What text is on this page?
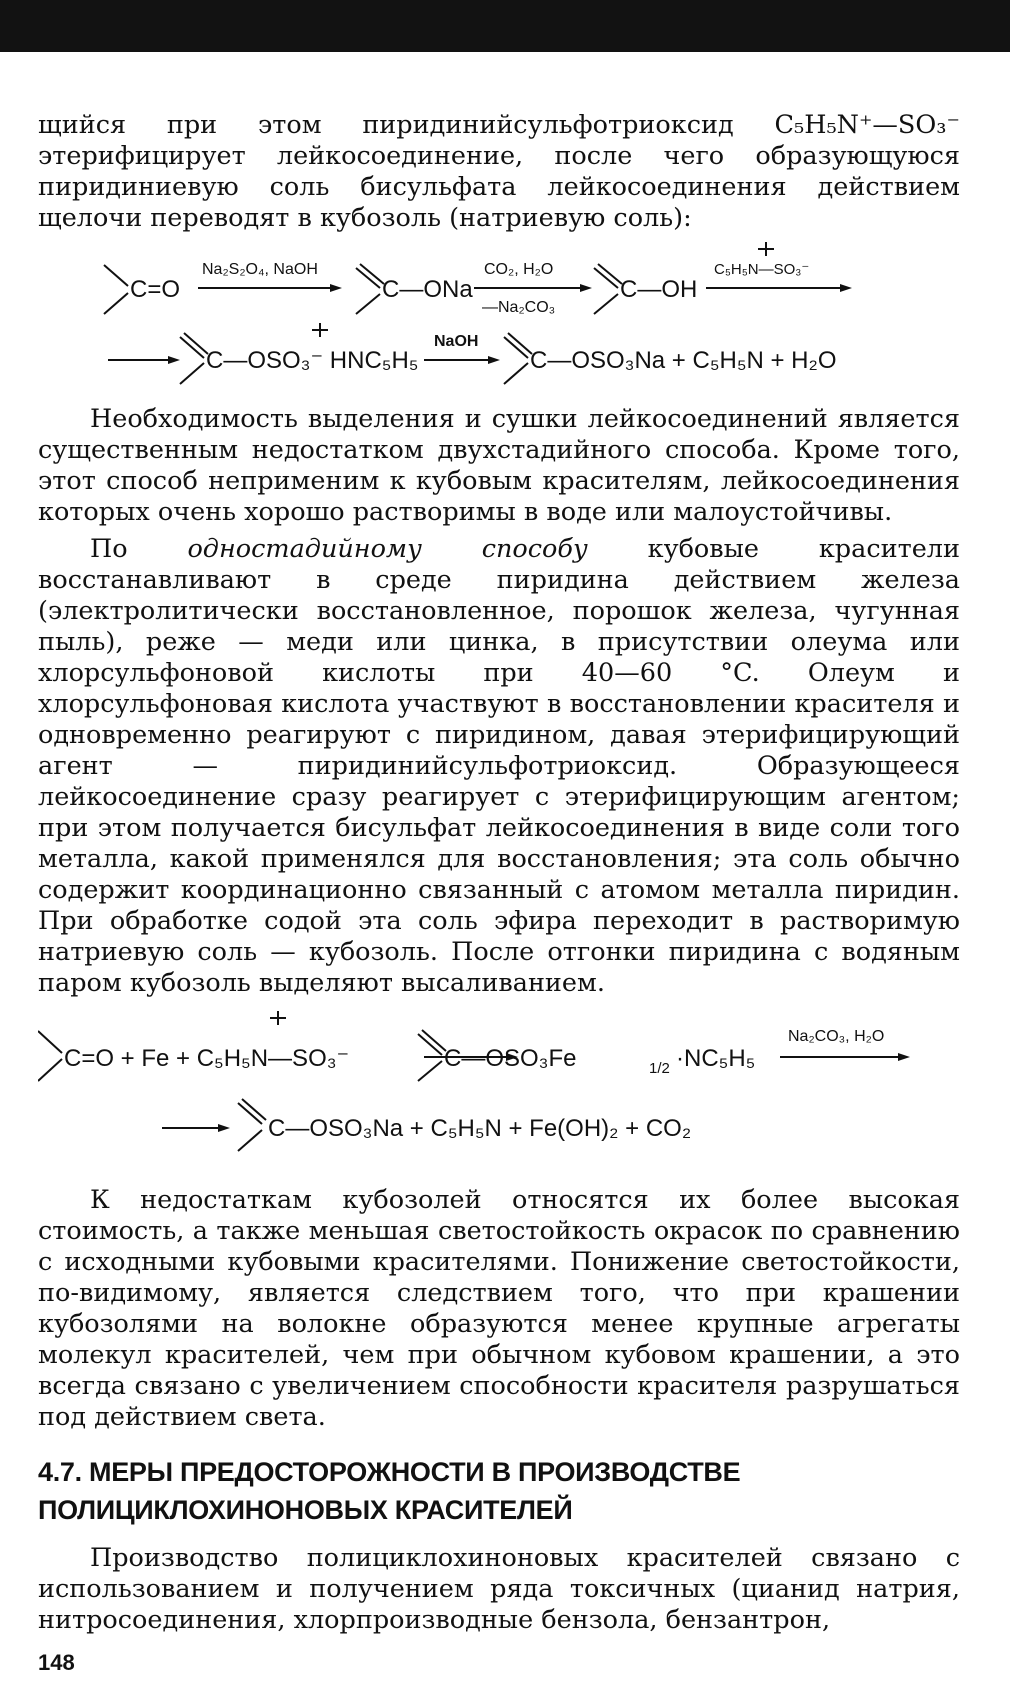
щийся при этом пиридинийсульфотриоксид C₅H₅N⁺—SO₃⁻ этерифицирует лейкосоединение, после чего образующуюся пиридиниевую соль бисульфата лейкосоединения действием щелочи переводят в кубозоль (натриевую соль):

C=O
Na₂S₂O₄, NaOH
C—ONa
CO₂, H₂O
—Na₂CO₃
C—OH
C₅H₅N—SO₃⁻
C—OSO₃⁻ HNC₅H₅
NaOH
C—OSO₃Na + C₅H₅N + H₂O

Необходимость выделения и сушки лейкосоединений является существенным недостатком двухстадийного способа. Кроме того, этот способ неприменим к кубовым красителям, лейкосоединения которых очень хорошо растворимы в воде или малоустойчивы.

По одностадийному способу кубовые красители восстанавливают в среде пиридина действием железа (электролитически восстановленное, порошок железа, чугунная пыль), реже — меди или цинка, в присутствии олеума или хлорсульфоновой кислоты при 40—60 °C. Олеум и хлорсульфоновая кислота участвуют в восстановлении красителя и одновременно реагируют с пиридином, давая этерифицирующий агент — пиридинийсульфотриоксид. Образующееся лейкосоединение сразу реагирует с этерифицирующим агентом; при этом получается бисульфат лейкосоединения в виде соли того металла, какой применялся для восстановления; эта соль обычно содержит координационно связанный с атомом металла пиридин. При обработке содой эта соль эфира переходит в растворимую натриевую соль — кубозоль. После отгонки пиридина с водяным паром кубозоль выделяют высаливанием.

C=O + Fe + C₅H₅N—SO₃⁻	C—OSO₃Fe	1/2 ·NC₅H₅
Na₂CO₃, H₂O
C—OSO₃Na + C₅H₅N + Fe(OH)₂ + CO₂

К недостаткам кубозолей относятся их более высокая стоимость, а также меньшая светостойкость окрасок по сравнению с исходными кубовыми красителями. Понижение светостойкости, по-видимому, является следствием того, что при крашении кубозолями на волокне образуются менее крупные агрегаты молекул красителей, чем при обычном кубовом крашении, а это всегда связано с увеличением способности красителя разрушаться под действием света.

4.7. МЕРЫ ПРЕДОСТОРОЖНОСТИ В ПРОИЗВОДСТВЕ
ПОЛИЦИКЛОХИНОНОВЫХ КРАСИТЕЛЕЙ

Производство полициклохиноновых красителей связано с использованием и получением ряда токсичных (цианид натрия, нитросоединения, хлорпроизводные бензола, бензантрон,

148
